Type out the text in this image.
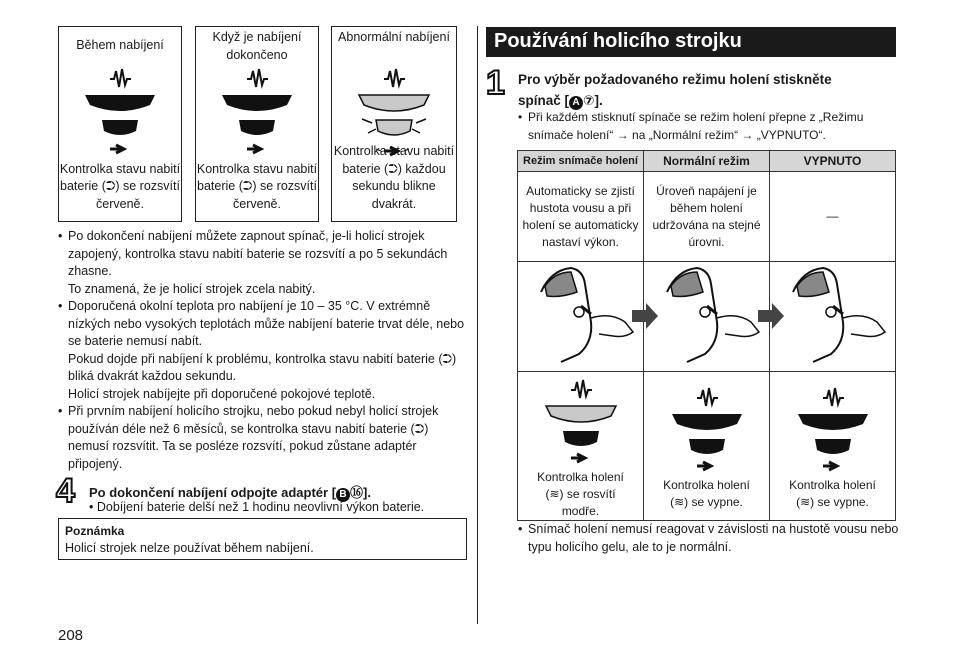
Během nabíjení
Kontrolka stavu nabití baterie (⮊) se rozsvítí červeně.
Když je nabíjení dokončeno
Kontrolka stavu nabití baterie (⮊) se rozsvítí červeně.
Abnormální nabíjení
Kontrolka stavu nabití baterie (⮊) každou sekundu blikne dvakrát.
• Po dokončení nabíjení můžete zapnout spínač, je-li holicí strojek zapojený, kontrolka stavu nabití baterie se rozsvítí a po 5 sekundách zhasne.
To znamená, že je holicí strojek zcela nabitý.
• Doporučená okolní teplota pro nabíjení je 10 – 35 °C. V extrémně nízkých nebo vysokých teplotách může nabíjení baterie trvat déle, nebo se baterie nemusí nabít.
Pokud dojde při nabíjení k problému, kontrolka stavu nabití baterie (⮊) bliká dvakrát každou sekundu.
Holicí strojek nabíjejte při doporučené pokojové teplotě.
• Při prvním nabíjení holicího strojku, nebo pokud nebyl holicí strojek používán déle než 6 měsíců, se kontrolka stavu nabití baterie (⮊) nemusí rozsvítit. Ta se posléze rozsvítí, pokud zůstane adaptér připojený.
4 Po dokončení nabíjení odpojte adaptér [ B ⑯].
• Dobíjení baterie delší než 1 hodinu neovlivní výkon baterie.
Poznámka
Holicí strojek nelze používat během nabíjení.
208
Používání holicího strojku
1 Pro výběr požadovaného režimu holení stiskněte
spínač [ A ⑦].
• Při každém stisknutí spínače se režim holení přepne z „Režimu snímače holení“ → na „Normální režim“ → „VYPNUTO“.
Režim snímače holení	Normální režim	VYPNUTO
Automaticky se zjistí hustota vousu a při holení se automaticky nastaví výkon.	Úroveň napájení je během holení udržována na stejné úrovni.	—

Kontrolka holení (≋) se rosvítí modře.	Kontrolka holení (≋) se vypne.	Kontrolka holení (≋) se vypne.
• Snímač holení nemusí reagovat v závislosti na hustotě vousu nebo typu holicího gelu, ale to je normální.
